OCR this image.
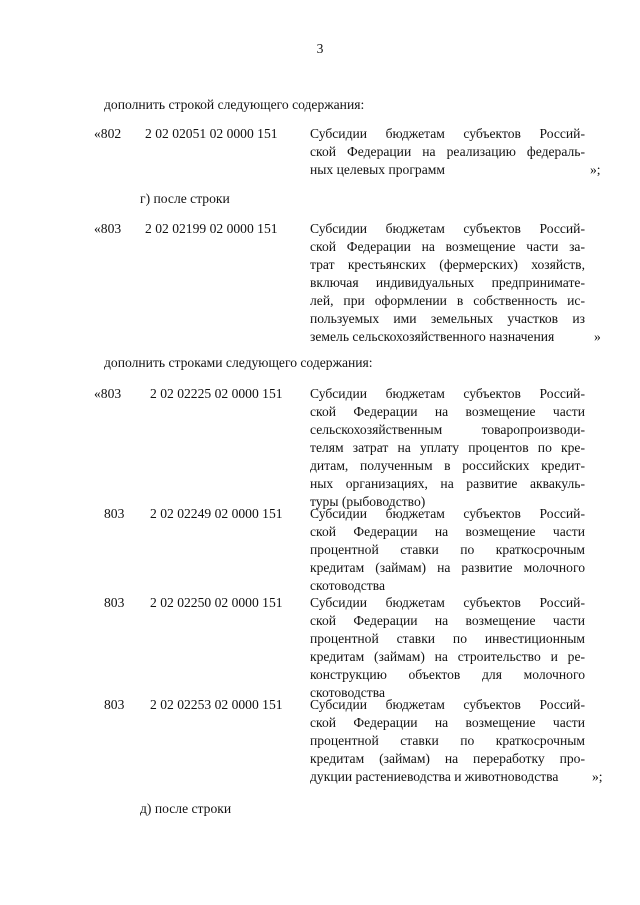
3
дополнить строкой следующего содержания:
«802 2 02 02051 02 0000 151 Субсидии бюджетам субъектов Россий-
ской Федерации на реализацию федераль-
ных целевых программ	»;
г) после строки
«803 2 02 02199 02 0000 151 Субсидии бюджетам субъектов Россий-
ской Федерации на возмещение части за-
трат крестьянских (фермерских) хозяйств,
включая индивидуальных предпринимате-
лей, при оформлении в собственность ис-
пользуемых ими земельных участков из
земель сельскохозяйственного назначения	»
дополнить строками следующего содержания:
«803 2 02 02225 02 0000 151 Субсидии бюджетам субъектов Россий-
ской Федерации на возмещение части
сельскохозяйственным товаропроизводи-
телям затрат на уплату процентов по кре-
дитам, полученным в российских кредит-
ных организациях, на развитие аквакуль-
туры (рыбоводство)
803 2 02 02249 02 0000 151 Субсидии бюджетам субъектов Россий-
ской Федерации на возмещение части
процентной ставки по краткосрочным
кредитам (займам) на развитие молочного
скотоводства
803 2 02 02250 02 0000 151 Субсидии бюджетам субъектов Россий-
ской Федерации на возмещение части
процентной ставки по инвестиционным
кредитам (займам) на строительство и ре-
конструкцию объектов для молочного
скотоводства
803 2 02 02253 02 0000 151 Субсидии бюджетам субъектов Россий-
ской Федерации на возмещение части
процентной ставки по краткосрочным
кредитам (займам) на переработку про-
дукции растениеводства и животноводства	»;
д) после строки
